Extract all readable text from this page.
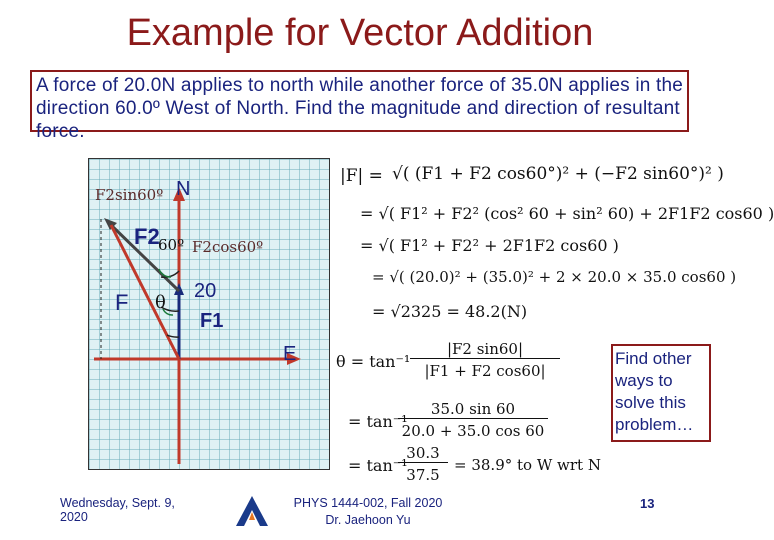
Example for Vector Addition
A force of 20.0N applies to north while another force of 35.0N applies in the direction 60.0º West of North. Find the magnitude and direction of resultant force.
F2sin60º N
F2
60º F2cos60º
F θ
20
F1
E
|F| = √( (F1 + F2 cos60°)² + (−F2 sin60°)² )
= √( F1² + F2² (cos² 60 + sin² 60) + 2F1F2 cos60 )
= √( F1² + F2² + 2F1F2 cos60 )
= √( (20.0)² + (35.0)² + 2 × 20.0 × 35.0 cos60 )
= √2325 = 48.2(N)
θ = tan⁻¹
|F2 sin60|
|F1 + F2 cos60|
= tan⁻¹
35.0 sin 60
20.0 + 35.0 cos 60
= tan⁻¹
30.3
37.5
= 38.9° to W wrt N
Find other ways to solve this problem…
Wednesday, Sept. 9, 2020
PHYS 1444-002, Fall 2020
Dr. Jaehoon Yu
13
